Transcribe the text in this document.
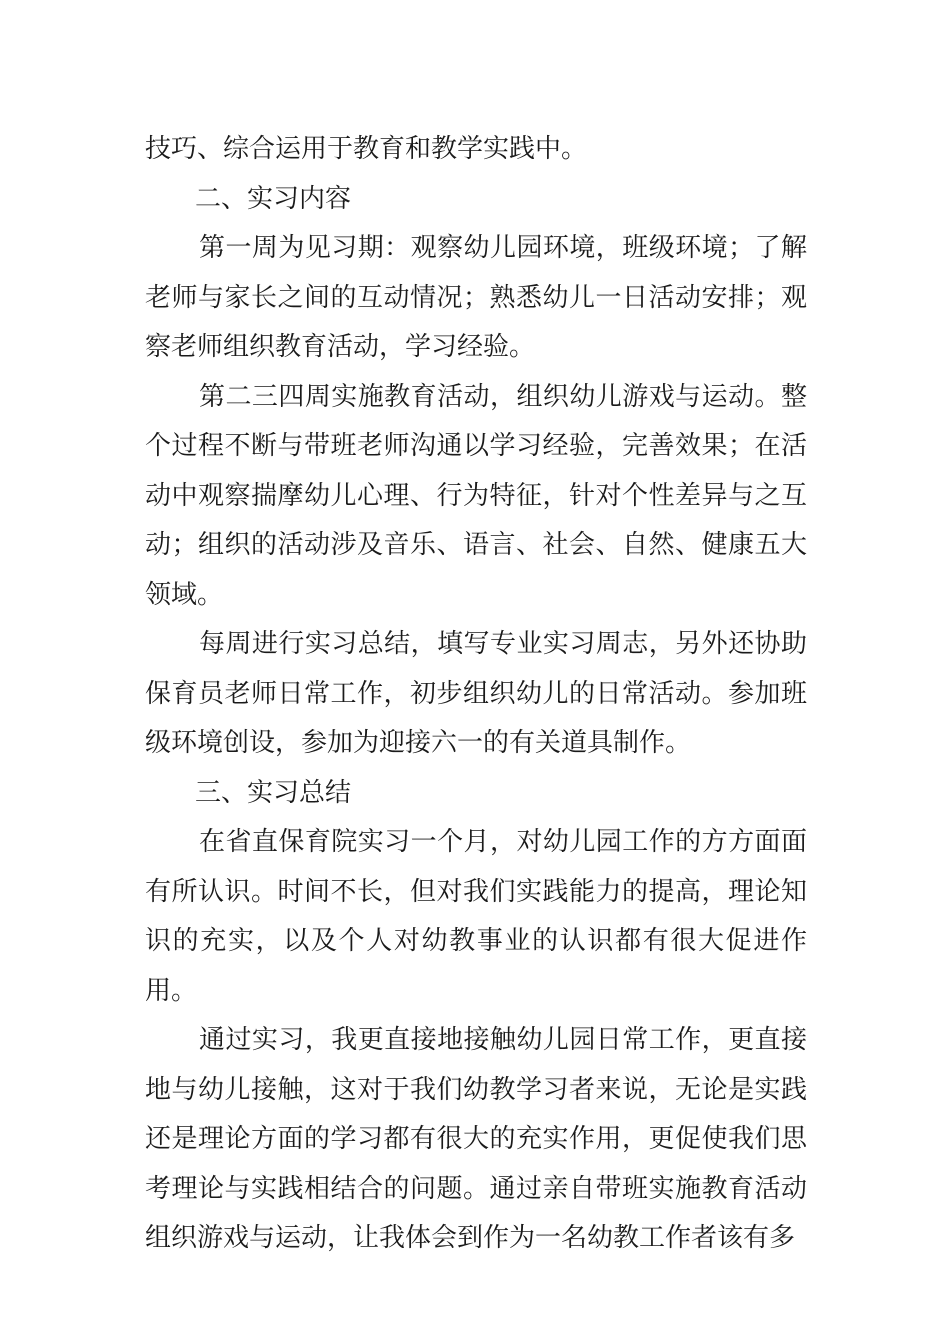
技巧、综合运用于教育和教学实践中。

二、实习内容

第一周为见习期：观察幼儿园环境，班级环境；了解老师与家长之间的互动情况；熟悉幼儿一日活动安排；观察老师组织教育活动，学习经验。

第二三四周实施教育活动，组织幼儿游戏与运动。整个过程不断与带班老师沟通以学习经验，完善效果；在活动中观察揣摩幼儿心理、行为特征，针对个性差异与之互动；组织的活动涉及音乐、语言、社会、自然、健康五大领域。

每周进行实习总结，填写专业实习周志，另外还协助保育员老师日常工作，初步组织幼儿的日常活动。参加班级环境创设，参加为迎接六一的有关道具制作。

三、实习总结

在省直保育院实习一个月，对幼儿园工作的方方面面有所认识。时间不长，但对我们实践能力的提高，理论知识的充实，以及个人对幼教事业的认识都有很大促进作用。

通过实习，我更直接地接触幼儿园日常工作，更直接地与幼儿接触，这对于我们幼教学习者来说，无论是实践还是理论方面的学习都有很大的充实作用，更促使我们思考理论与实践相结合的问题。通过亲自带班实施教育活动组织游戏与运动，让我体会到作为一名幼教工作者该有多
